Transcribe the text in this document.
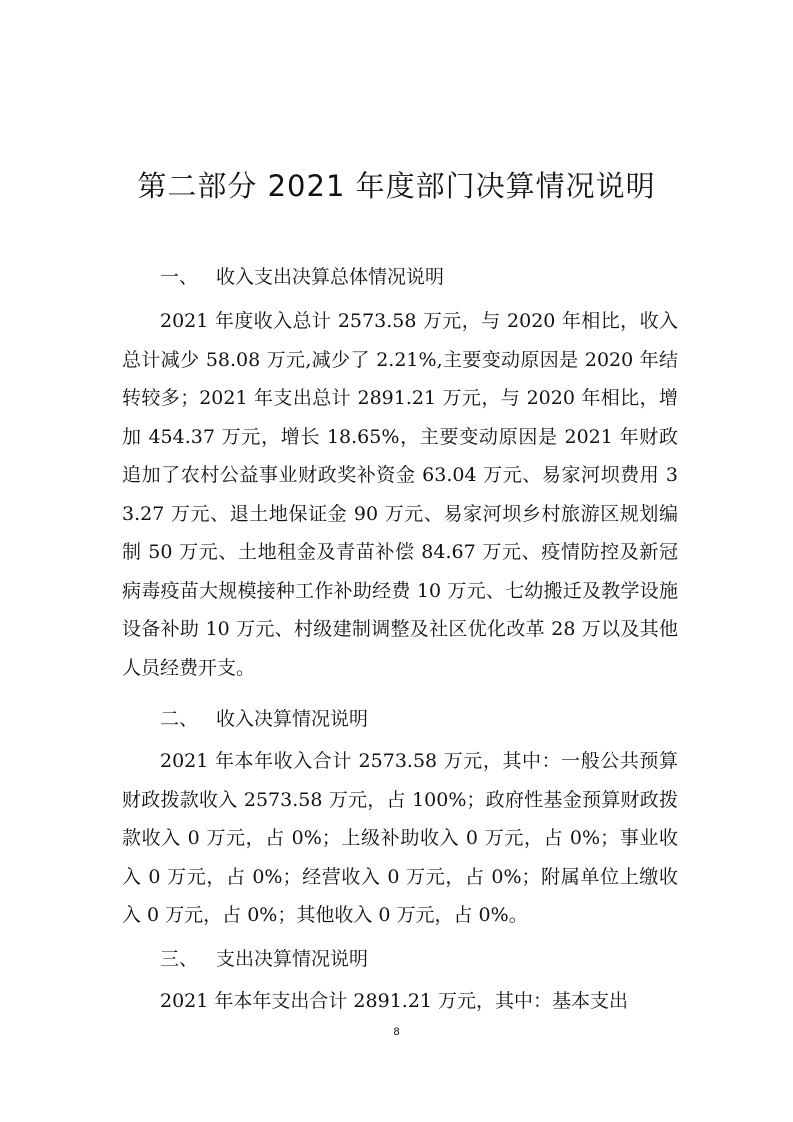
第二部分 2021 年度部门决算情况说明
一、 收入支出决算总体情况说明

2021 年度收入总计 2573.58 万元，与 2020 年相比，收入总计减少 58.08 万元,减少了 2.21%,主要变动原因是 2020 年结转较多；2021 年支出总计 2891.21 万元，与 2020 年相比，增加 454.37 万元，增长 18.65%，主要变动原因是 2021 年财政追加了农村公益事业财政奖补资金 63.04 万元、易家河坝费用 33.27 万元、退土地保证金 90 万元、易家河坝乡村旅游区规划编制 50 万元、土地租金及青苗补偿 84.67 万元、疫情防控及新冠病毒疫苗大规模接种工作补助经费 10 万元、七幼搬迁及教学设施设备补助 10 万元、村级建制调整及社区优化改革 28 万以及其他人员经费开支。

二、 收入决算情况说明

2021 年本年收入合计 2573.58 万元，其中：一般公共预算财政拨款收入 2573.58 万元，占 100%；政府性基金预算财政拨款收入 0 万元，占 0%；上级补助收入 0 万元，占 0%；事业收入 0 万元，占 0%；经营收入 0 万元，占 0%；附属单位上缴收入 0 万元，占 0%；其他收入 0 万元，占 0%。

三、 支出决算情况说明

2021 年本年支出合计 2891.21 万元，其中：基本支出

8
